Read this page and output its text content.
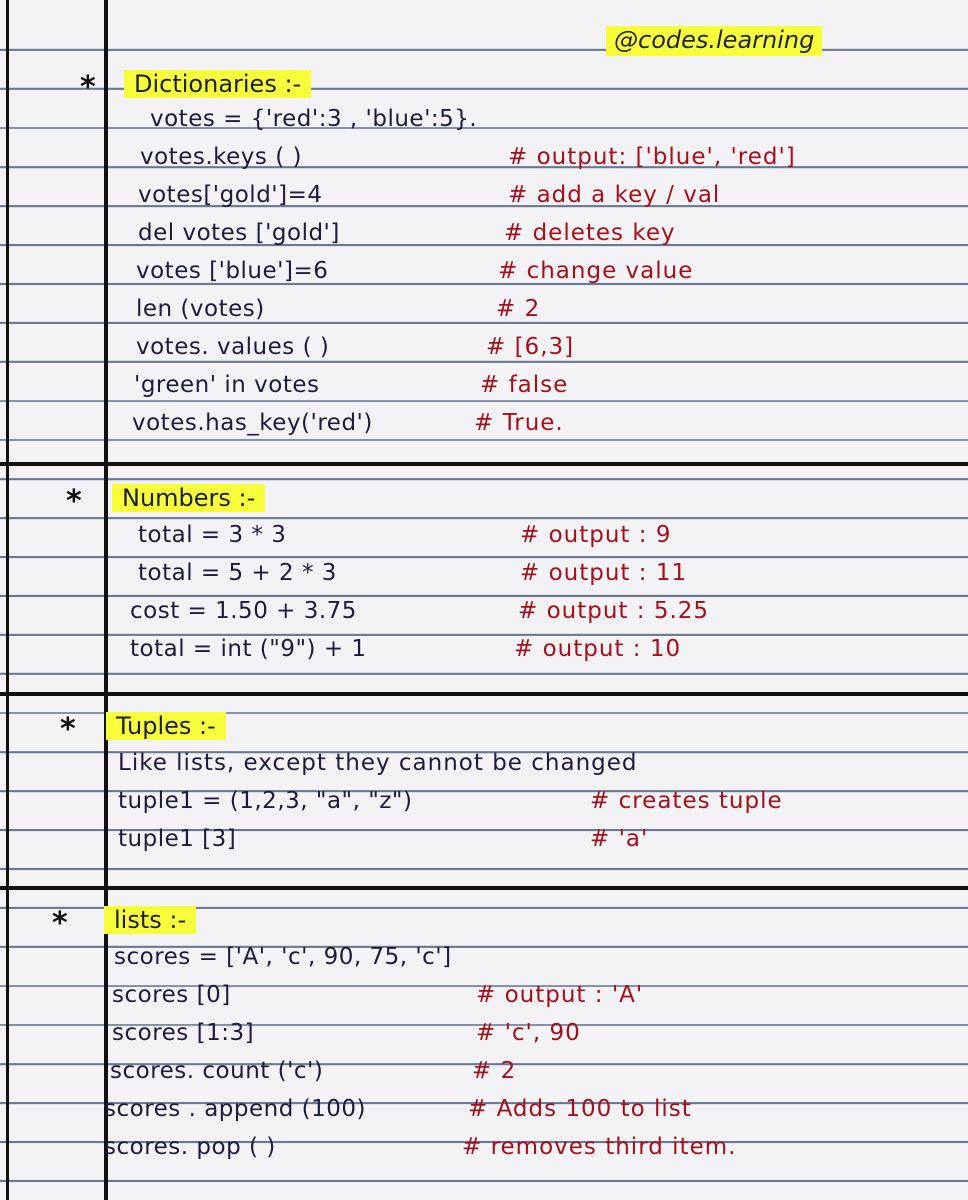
@codes.learning
*	Dictionaries :-
votes = {'red':3 , 'blue':5}.
votes.keys ( )	# output: ['blue', 'red']
votes['gold']=4	# add a key / val
del votes ['gold']	# deletes key
votes ['blue']=6	# change value
len (votes)	# 2
votes. values ( )	# [6,3]
'green' in votes	# false
votes.has_key('red')	# True.
*	Numbers :-
total = 3 * 3	# output : 9
total = 5 + 2 * 3	# output : 11
cost = 1.50 + 3.75	# output : 5.25
total = int ("9") + 1	# output : 10
*	Tuples :-
Like lists, except they cannot be changed
tuple1 = (1,2,3, "a", "z")	# creates tuple
tuple1 [3]	# 'a'
*	lists :-
scores = ['A', 'c', 90, 75, 'c']
scores [0]	# output : 'A'
scores [1:3]	# 'c', 90
scores. count ('c')	# 2
scores . append (100)	# Adds 100 to list
scores. pop ( )	# removes third item.
